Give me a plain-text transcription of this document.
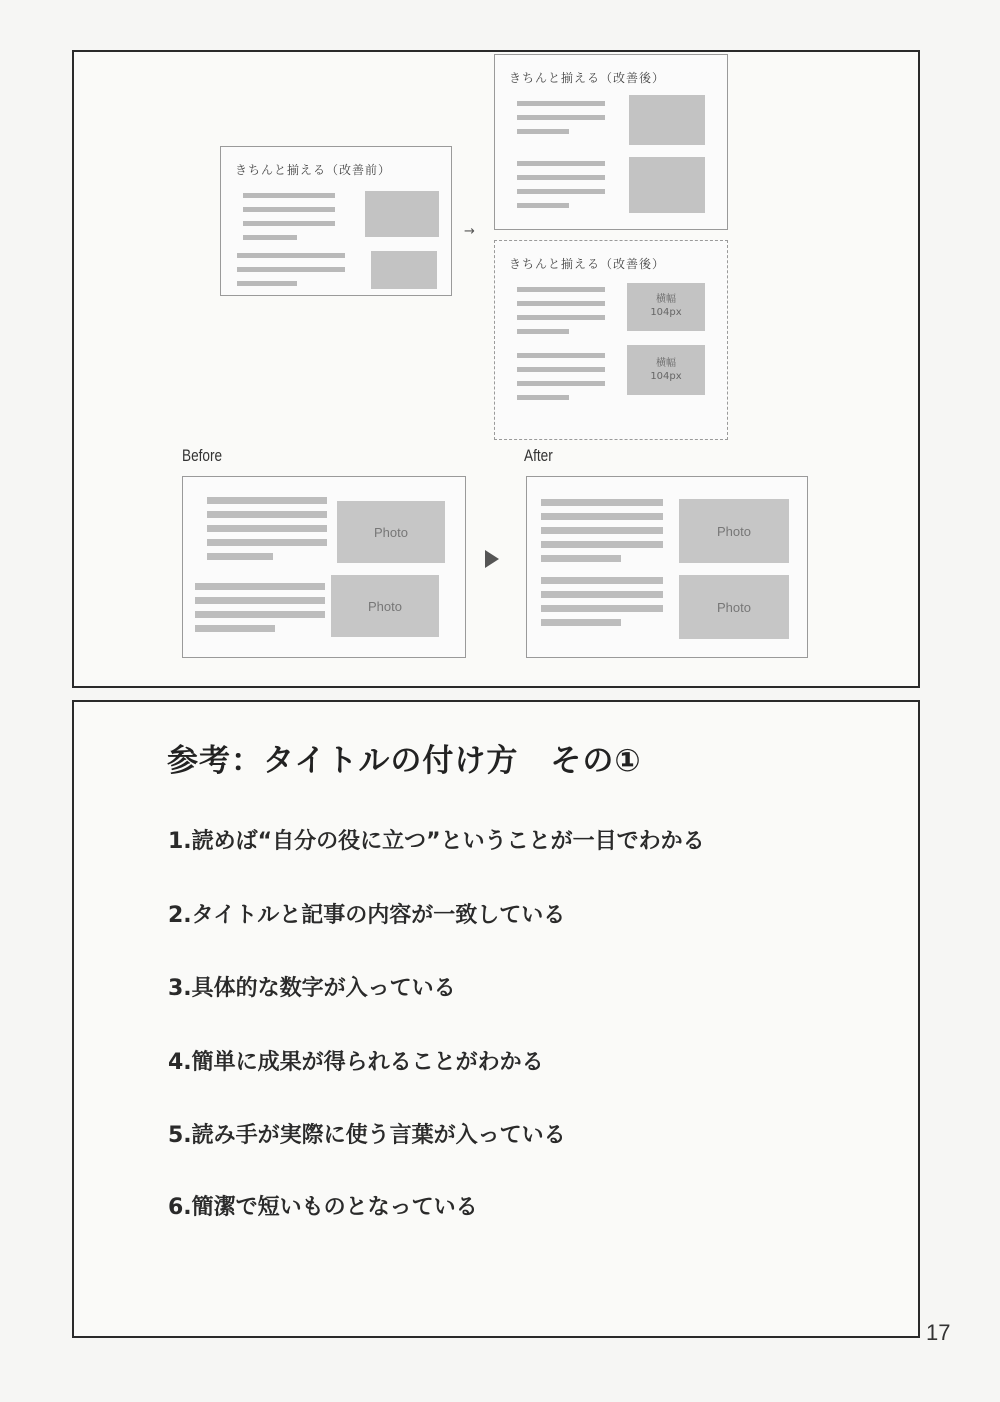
きちんと揃える（改善前）
→
きちんと揃える（改善後）
きちんと揃える（改善後）
横幅
104px
横幅
104px
Before	After
Photo
Photo
Photo
Photo
参考：タイトルの付け方　その①
1.読めば“自分の役に立つ”ということが一目でわかる
2.タイトルと記事の内容が一致している
3.具体的な数字が入っている
4.簡単に成果が得られることがわかる
5.読み手が実際に使う言葉が入っている
6.簡潔で短いものとなっている
17
